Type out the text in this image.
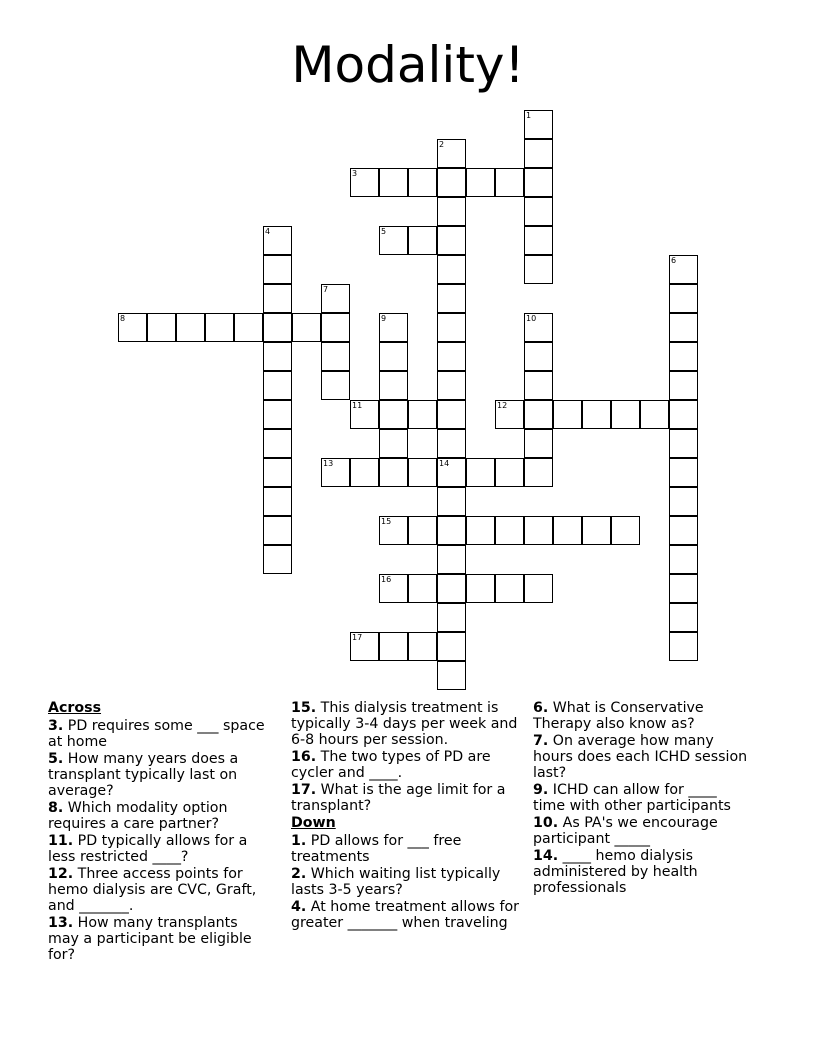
Modality!
1
2
14
3
4	5
6
7
8	9	10
11	12
13
15
16
17
Across
3. PD requires some ___ space at home
5. How many years does a transplant typically last on average?
8. Which modality option requires a care partner?
11. PD typically allows for a less restricted ____?
12. Three access points for hemo dialysis are CVC, Graft, and _______.
13. How many transplants may a participant be eligible for?
15. This dialysis treatment is typically 3-4 days per week and 6-8 hours per session.
16. The two types of PD are cycler and ____.
17. What is the age limit for a transplant?
Down
1. PD allows for ___ free treatments
2. Which waiting list typically lasts 3-5 years?
4. At home treatment allows for greater _______ when traveling
6. What is Conservative Therapy also know as?
7. On average how many hours does each ICHD session last?
9. ICHD can allow for ____ time with other participants
10. As PA's we encourage participant _____
14. ____ hemo dialysis administered by health professionals
